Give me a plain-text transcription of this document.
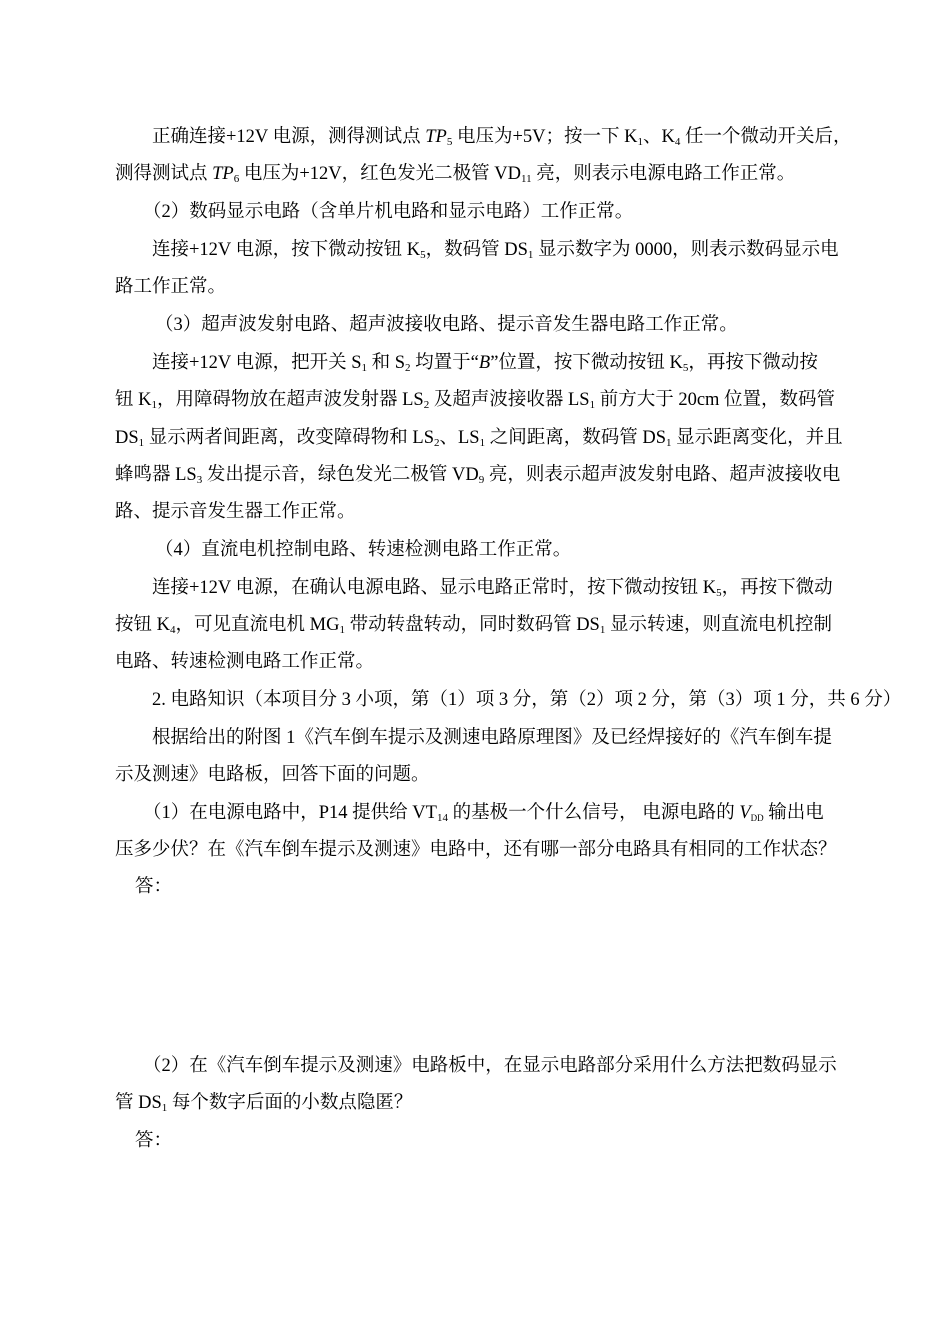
正确连接+12V 电源，测得测试点 $TP_5$ 电压为+5V；按一下 $K_1$、$K_4$ 任一个微动开关后，
测得测试点 $TP_6$ 电压为+12V，红色发光二极管 $VD_{11}$ 亮，则表示电源电路工作正常。
（2）数码显示电路（含单片机电路和显示电路）工作正常。
连接+12V 电源，按下微动按钮 $K_5$，数码管 $DS_1$ 显示数字为 0000，则表示数码显示电
路工作正常。
（3）超声波发射电路、超声波接收电路、提示音发生器电路工作正常。
连接+12V 电源，把开关 $S_1$ 和 $S_2$ 均置于“B”位置，按下微动按钮 $K_5$，再按下微动按
钮 $K_1$，用障碍物放在超声波发射器 $LS_2$ 及超声波接收器 $LS_1$ 前方大于 20cm 位置，数码管
$DS_1$ 显示两者间距离，改变障碍物和 $LS_2$、$LS_1$ 之间距离，数码管 $DS_1$ 显示距离变化，并且
蜂鸣器 $LS_3$ 发出提示音，绿色发光二极管 $VD_9$ 亮，则表示超声波发射电路、超声波接收电
路、提示音发生器工作正常。
（4）直流电机控制电路、转速检测电路工作正常。
连接+12V 电源，在确认电源电路、显示电路正常时，按下微动按钮 $K_5$，再按下微动
按钮 $K_4$，可见直流电机 $MG_1$ 带动转盘转动，同时数码管 $DS_1$ 显示转速，则直流电机控制
电路、转速检测电路工作正常。
2. 电路知识（本项目分 3 小项，第（1）项 3 分，第（2）项 2 分，第（3）项 1 分，共 6 分）
根据给出的附图 1《汽车倒车提示及测速电路原理图》及已经焊接好的《汽车倒车提
示及测速》电路板，回答下面的问题。
（1）在电源电路中，P14 提供给 $VT_{14}$ 的基极一个什么信号， 电源电路的 $V_{DD}$ 输出电
压多少伏？在《汽车倒车提示及测速》电路中，还有哪一部分电路具有相同的工作状态？
答：
（2）在《汽车倒车提示及测速》电路板中，在显示电路部分采用什么方法把数码显示
管 $DS_1$ 每个数字后面的小数点隐匿？
答：
